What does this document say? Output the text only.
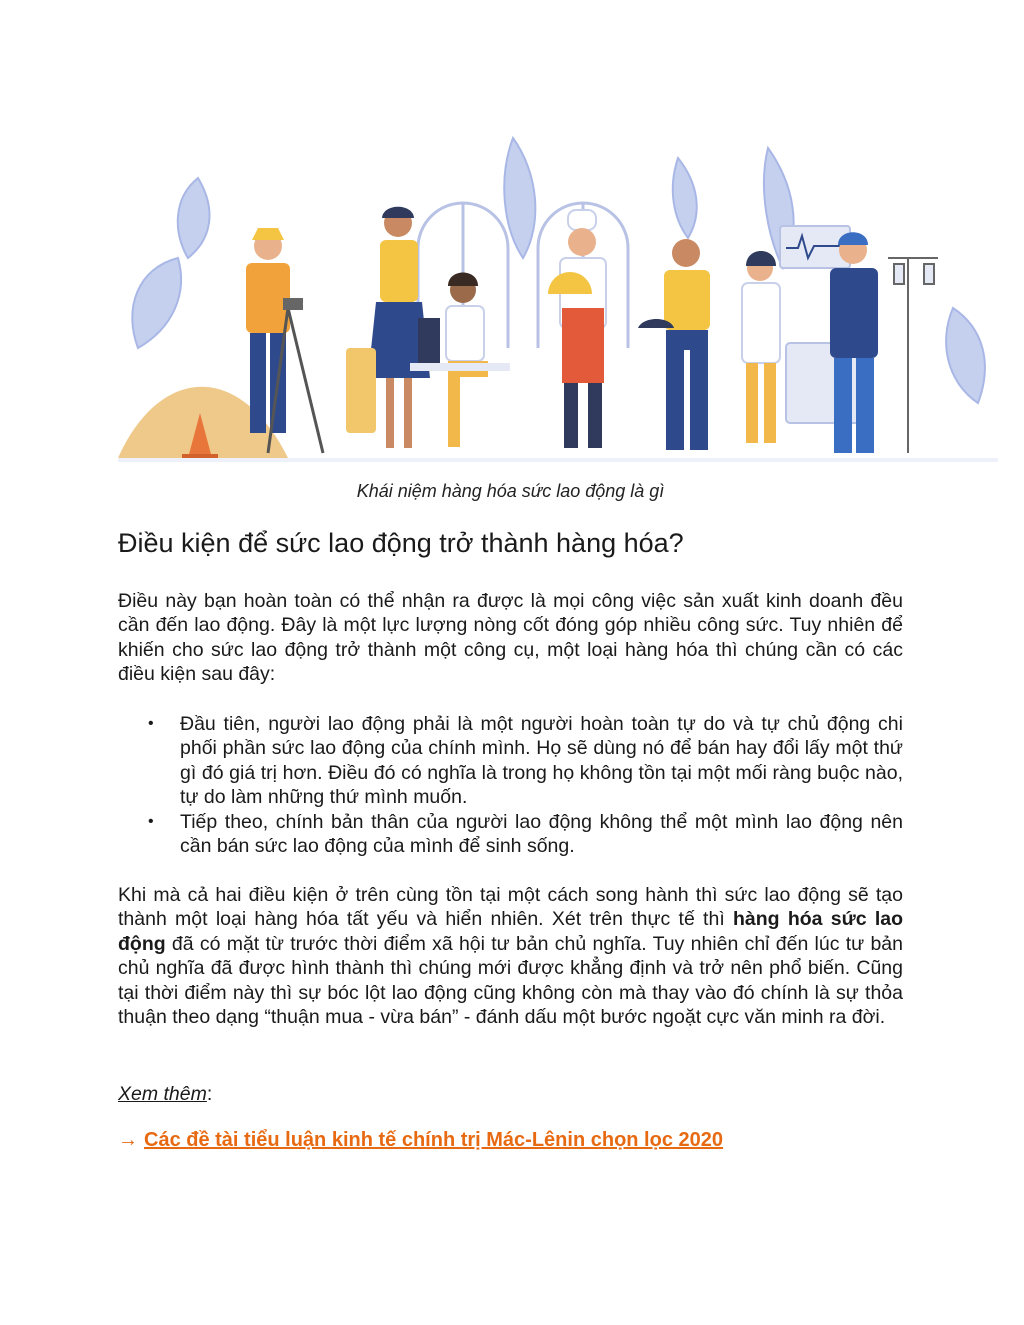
Khái niệm hàng hóa sức lao động là gì
Điều kiện để sức lao động trở thành hàng hóa?

Điều này bạn hoàn toàn có thể nhận ra được là mọi công việc sản xuất kinh doanh đều cần đến lao động. Đây là một lực lượng nòng cốt đóng góp nhiều công sức. Tuy nhiên để khiến cho sức lao động trở thành một công cụ, một loại hàng hóa thì chúng cần có các điều kiện sau đây:

• Đầu tiên, người lao động phải là một người hoàn toàn tự do và tự chủ động chi phối phần sức lao động của chính mình. Họ sẽ dùng nó để bán hay đổi lấy một thứ gì đó giá trị hơn. Điều đó có nghĩa là trong họ không tồn tại một mối ràng buộc nào, tự do làm những thứ mình muốn.
• Tiếp theo, chính bản thân của người lao động không thể một mình lao động nên cần bán sức lao động của mình để sinh sống.

Khi mà cả hai điều kiện ở trên cùng tồn tại một cách song hành thì sức lao động sẽ tạo thành một loại hàng hóa tất yếu và hiển nhiên. Xét trên thực tế thì hàng hóa sức lao động đã có mặt từ trước thời điểm xã hội tư bản chủ nghĩa. Tuy nhiên chỉ đến lúc tư bản chủ nghĩa đã được hình thành thì chúng mới được khẳng định và trở nên phổ biến. Cũng tại thời điểm này thì sự bóc lột lao động cũng không còn mà thay vào đó chính là sự thỏa thuận theo dạng “thuận mua - vừa bán” - đánh dấu một bước ngoặt cực văn minh ra đời.

Xem thêm:

→ Các đề tài tiểu luận kinh tế chính trị Mác-Lênin chọn lọc 2020
